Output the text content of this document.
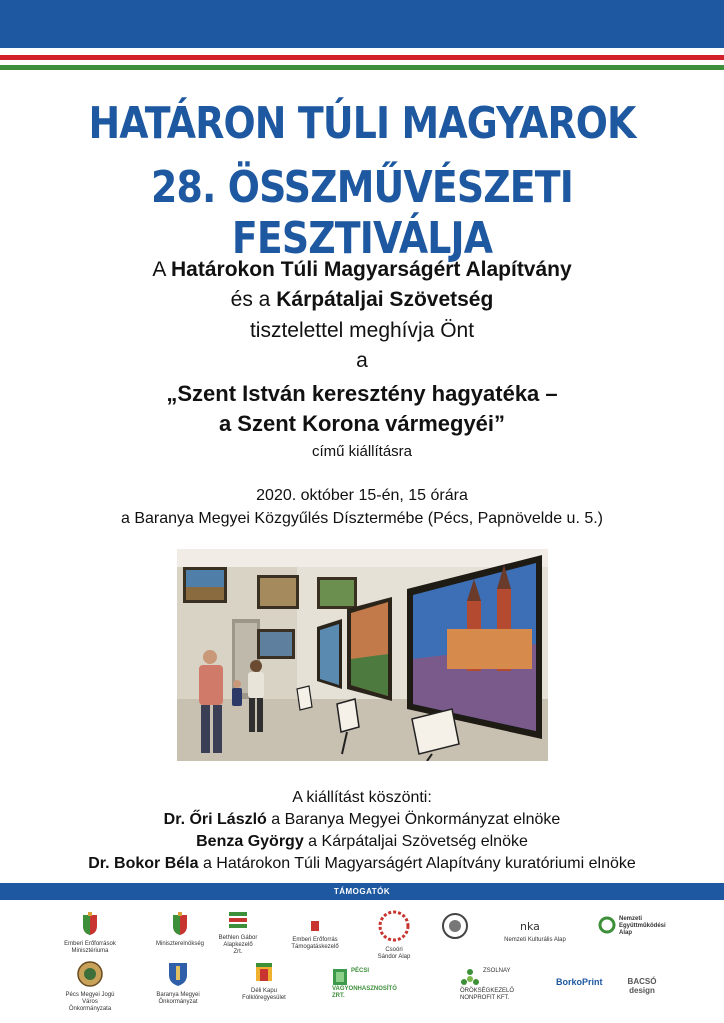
HATÁRON TÚLI MAGYAROK
28. ÖSSZMŰVÉSZETI FESZTIVÁLJA
A Határokon Túli Magyarságért Alapítvány
és a Kárpátaljai Szövetség
tisztelettel meghívja Önt
a
„Szent István keresztény hagyatéka –
a Szent Korona vármegyéi”
című kiállításra
2020. október 15-én, 15 órára
a Baranya Megyei Közgyűlés Dísztermébe (Pécs, Papnövelde u. 5.)
A kiállítást köszönti:
Dr. Őri László a Baranya Megyei Önkormányzat elnöke
Benza György a Kárpátaljai Szövetség elnöke
Dr. Bokor Béla a Határokon Túli Magyarságért Alapítvány kuratóriumi elnöke
TÁMOGATÓK
Emberi Erőforrások Minisztériuma
Miniszterelnökség
Bethlen Gábor Alapkezelő Zrt.
Emberi Erőforrás Támogatáskezelő	Csoóri Sándor Alap
nka
Nemzeti Kulturális Alap
Nemzeti Együttműködési Alap
Pécs Megyei Jogú Város Önkormányzata
Baranya Megyei Önkormányzat
Déli Kapu Folklóregyesület
PÉCSI VAGYONHASZNOSÍTÓ ZRT.
ZSOLNAY ÖRÖKSÉGKEZELŐ NONPROFIT KFT.
BorkoPrint	BACSÓ design
